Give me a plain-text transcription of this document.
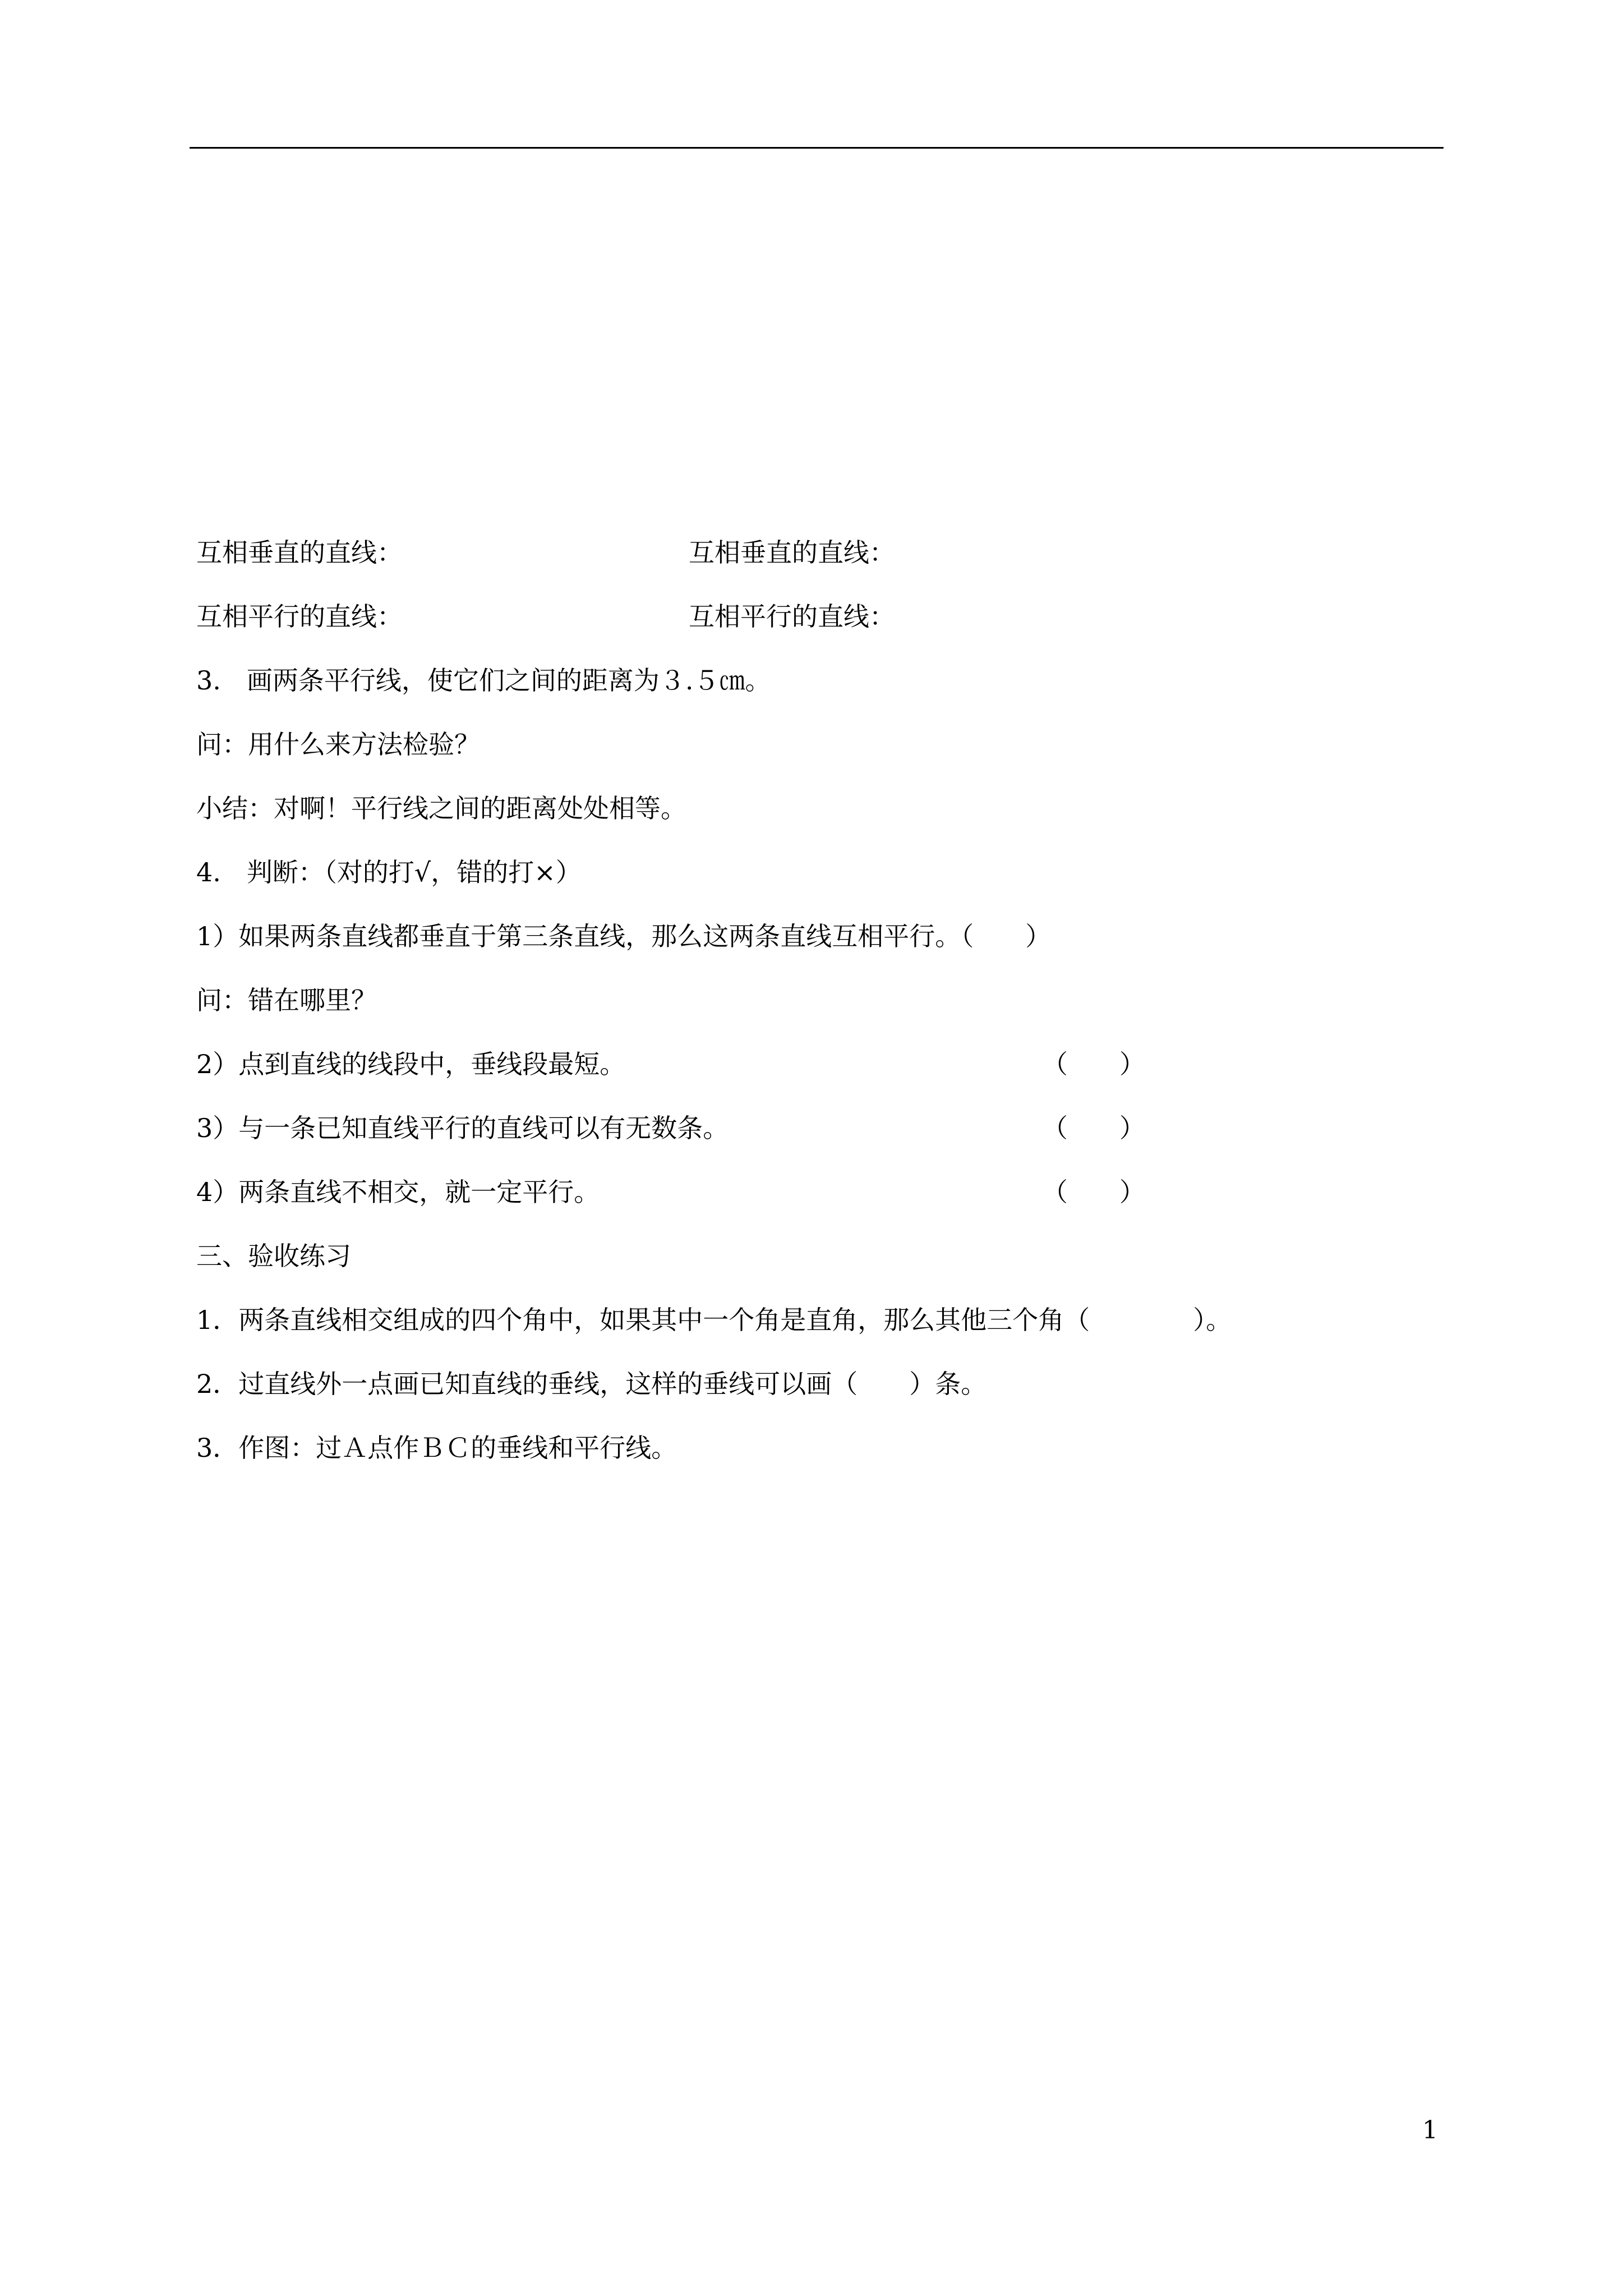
互相垂直的直线：	互相垂直的直线：
互相平行的直线：	互相平行的直线：
3.　画两条平行线，使它们之间的距离为３.５㎝。
问：用什么来方法检验？
小结：对啊！平行线之间的距离处处相等。
4.　判断：（对的打√，错的打×）
1）如果两条直线都垂直于第三条直线，那么这两条直线互相平行。（　　）
问：错在哪里？
2）点到直线的线段中，垂线段最短。	（　　）
3）与一条已知直线平行的直线可以有无数条。	（　　）
4）两条直线不相交，就一定平行。	（　　）
三、验收练习
1．两条直线相交组成的四个角中，如果其中一个角是直角，那么其他三个角（　　　　）。
2．过直线外一点画已知直线的垂线，这样的垂线可以画（　　）条。
3．作图：过Ａ点作ＢＣ的垂线和平行线。
1
